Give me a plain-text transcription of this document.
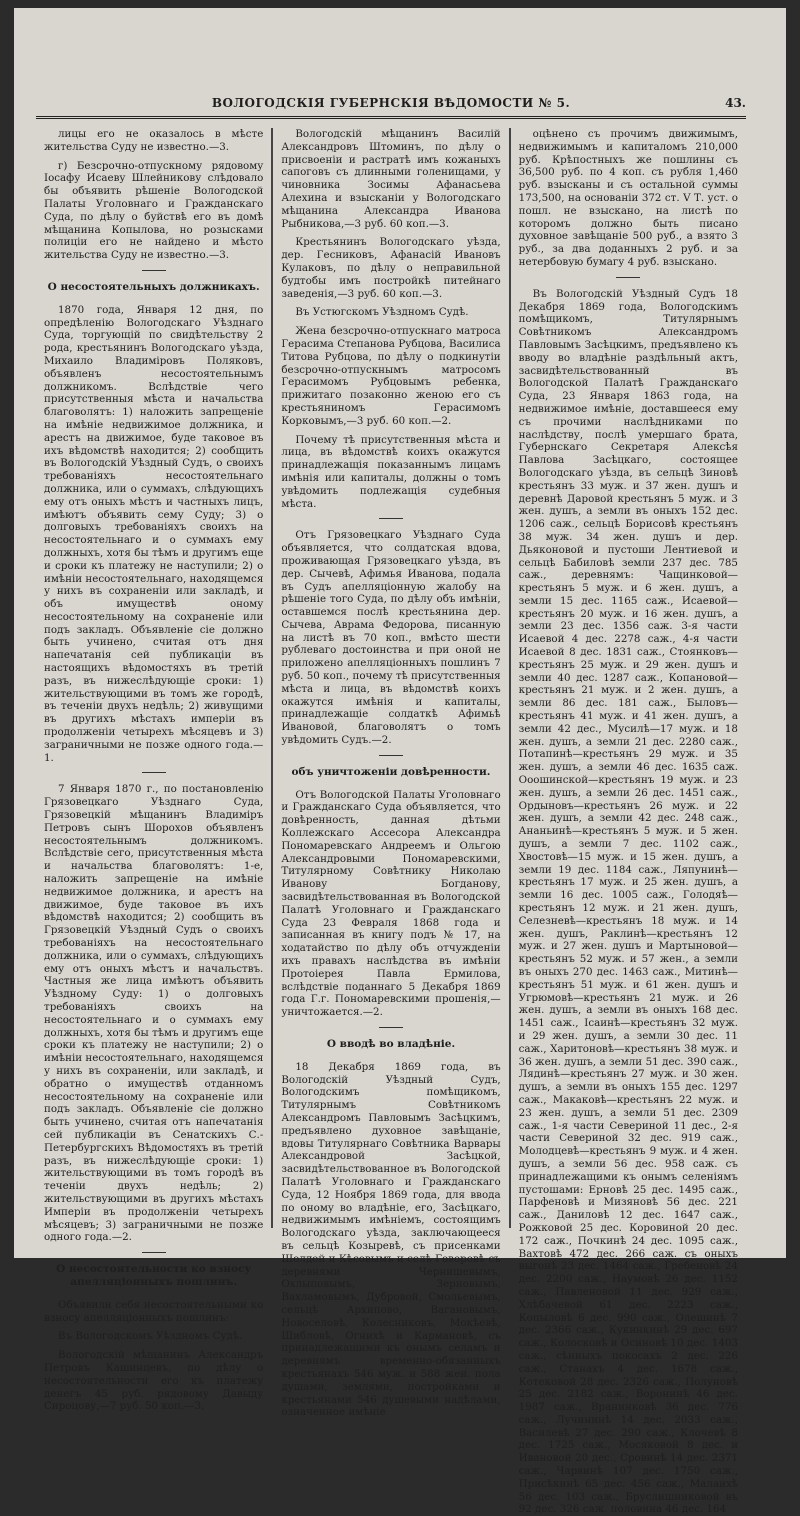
ВОЛОГОДСКІЯ ГУБЕРНСКІЯ ВѢДОМОСТИ № 5.	43.

лицы его не оказалось в мѣсте жительства Суду не известно.—3.

г) Безсрочно-отпускному рядовому Іосафу Исаеву Шлейникову слѣдовало бы объявить рѣшеніе Вологодской Палаты Уголовнаго и Гражданскаго Суда, по дѣлу о буйствѣ его въ домѣ мѣщанина Копылова, но розысками полиціи его не найдено и мѣсто жительства Суду не известно.—3.

О несостоятельныхъ должникахъ.

1870 года, Января 12 дня, по опредѣленію Вологодскаго Уѣзднаго Суда, торгующій по свидѣтельству 2 рода, крестьянинъ Вологодскаго уѣзда, Михаило Владиміровъ Поляковъ, объявленъ несостоятельнымъ должникомъ. Вслѣдствіе чего присутственныя мѣста и начальства благоволятъ: 1) наложить запрещеніе на имѣніе недвижимое должника, и арестъ на движимое, буде таковое въ ихъ вѣдомствѣ находится; 2) сообщить въ Вологодскій Уѣздный Судъ, о своихъ требованіяхъ несостоятельнаго должника, или о суммахъ, слѣдующихъ ему отъ оныхъ мѣстъ и частныхъ лицъ, имѣютъ объявить сему Суду; 3) о долговыхъ требованіяхъ своихъ на несостоятельнаго и о суммахъ ему должныхъ, хотя бы тѣмъ и другимъ еще и сроки къ платежу не наступили; 2) о имѣніи несостоятельнаго, находящемся у нихъ въ сохраненіи или закладѣ, и объ имуществѣ оному несостоятельному на сохраненіе или подъ закладъ. Объявленіе сіе должно быть учинено, считая отъ дня напечатанія сей публикаціи въ настоящихъ вѣдомостяхъ въ третій разъ, въ нижеслѣдующіе сроки: 1) жительствующими въ томъ же городѣ, въ теченіи двухъ недѣль; 2) живущими въ другихъ мѣстахъ имперіи въ продолженіи четырехъ мѣсяцевъ и 3) заграничными не позже одного года.—1.

7 Января 1870 г., по постановленію Грязовецкаго Уѣзднаго Суда, Грязовецкій мѣщанинъ Владиміръ Петровъ сынъ Шорохов объявленъ несостоятельнымъ должникомъ. Вслѣдствіе сего, присутственныя мѣста и начальства благоволятъ: 1-е, наложить запрещеніе на имѣніе недвижимое должника, и арестъ на движимое, буде таковое въ ихъ вѣдомствѣ находится; 2) сообщить въ Грязовецкій Уѣздный Судъ о своихъ требованіяхъ на несостоятельнаго должника, или о суммахъ, слѣдующихъ ему отъ оныхъ мѣстъ и начальствъ. Частныя же лица имѣютъ объявить Уѣздному Суду: 1) о долговыхъ требованіяхъ своихъ на несостоятельнаго и о суммахъ ему должныхъ, хотя бы тѣмъ и другимъ еще сроки къ платежу не наступили; 2) о имѣніи несостоятельнаго, находящемся у нихъ въ сохраненіи, или закладѣ, и обратно о имуществѣ отданномъ несостоятельному на сохраненіе или подъ закладъ. Объявленіе сіе должно быть учинено, считая отъ напечатанія сей публикаціи въ Сенатскихъ С.-Петербургскихъ Вѣдомостяхъ въ третій разъ, въ нижеслѣдующіе сроки: 1) жительствующими въ томъ городѣ въ теченіи двухъ недѣль; 2) жительствующими въ другихъ мѣстахъ Имперіи въ продолженіи четырехъ мѣсяцевъ; 3) заграничными не позже одного года.—2.

О несостоятельности ко взносу апелляціонныхъ пошлинъ.

Объявили себя несостоятельными ко взносу апелляціонныхъ пошлинъ:

Въ Вологодскомъ Уѣздномъ Судѣ.

Вологодскій мѣщанинъ Александръ Петровъ Кашинцевъ, по дѣлу о несостоятельности его къ платежу денегъ 45 руб. рядовому Давыду Сироцову,—7 руб. 50 коп.—3.

Вологодскій мѣщанинъ Василій Александровъ Штоминъ, по дѣлу о присвоеніи и растратѣ имъ кожаныхъ сапоговъ съ длинными голенищами, у чиновника Зосимы Афанасьева Алехина и взысканіи у Вологодскаго мѣщанина Александра Иванова Рыбникова,—3 руб. 60 коп.—3.

Крестьянинъ Вологодскаго уѣзда, дер. Гесниковъ, Афанасій Ивановъ Кулаковъ, по дѣлу о неправильной будтобы имъ постройкѣ питейнаго заведенія,—3 руб. 60 коп.—3.

Въ Устюгскомъ Уѣздномъ Судѣ.

Жена безсрочно-отпускнаго матроса Герасима Степанова Рубцова, Василиса Титова Рубцова, по дѣлу о подкинутіи безсрочно-отпускнымъ матросомъ Герасимомъ Рубцовымъ ребенка, прижитаго позаконно женою его съ крестьяниномъ Герасимомъ Корковымъ,—3 руб. 60 коп.—2.

Почему тѣ присутственныя мѣста и лица, въ вѣдомствѣ коихъ окажутся принадлежащія показаннымъ лицамъ имѣнія или капиталы, должны о томъ увѣдомить подлежащія судебныя мѣста.

Отъ Грязовецкаго Уѣзднаго Суда объявляется, что солдатская вдова, проживающая Грязовецкаго уѣзда, въ дер. Сычевѣ, Афимья Иванова, подала въ Судъ апелляціонную жалобу на рѣшеніе того Суда, по дѣлу объ имѣніи, оставшемся послѣ крестьянина дер. Сычева, Аврама Федорова, писанную на листѣ въ 70 коп., вмѣсто шести рублеваго достоинства и при оной не приложено апелляціонныхъ пошлинъ 7 руб. 50 коп., почему тѣ присутственныя мѣста и лица, въ вѣдомствѣ коихъ окажутся имѣнія и капиталы, принадлежащіе солдаткѣ Афимьѣ Ивановой, благоволятъ о томъ увѣдомить Судъ.—2.

объ уничтоженіи довѣренности.

Отъ Вологодской Палаты Уголовнаго и Гражданскаго Суда объявляется, что довѣренность, данная дѣтьми Коллежскаго Ассесора Александра Пономаревскаго Андреемъ и Ольгою Александровыми Пономаревскими, Титулярному Совѣтнику Николаю Иванову Богданову, засвидѣтельствованная въ Вологодской Палатѣ Уголовнаго и Гражданскаго Суда 23 Февраля 1868 года и записанная въ книгу подъ № 17, на ходатайство по дѣлу объ отчужденіи ихъ правахъ наслѣдства въ имѣніи Протоіерея Павла Ермилова, вслѣдствіе поданнаго 5 Декабря 1869 года Г.г. Пономаревскими прошенія,—уничтожается.—2.

О вводѣ во владѣніе.

18 Декабря 1869 года, въ Вологодскій Уѣздный Судъ, Вологодскимъ помѣщикомъ, Титулярнымъ Совѣтникомъ Александромъ Павловымъ Засѣцкимъ, предъявлено духовное завѣщаніе, вдовы Титулярнаго Совѣтника Варвары Александровой Засѣцкой, засвидѣтельствованное въ Вологодской Палатѣ Уголовнаго и Гражданскаго Суда, 12 Ноября 1869 года, для ввода по оному во владѣніе, его, Засѣцкаго, недвижимымъ имѣніемъ, состоящимъ Вологодскаго уѣзда, заключающееся въ сельцѣ Козыревѣ, съ присенками Шолдой и Кѣсовымъ и селѣ Говоровѣ съ деревнями Чернишевымъ, Охлыповымъ, Зерновымъ, Вахламовымъ, Дубровой, Смольевымъ, сельцѣ Архипово, Вагановымъ, Новоселовѣ, Колесниковъ, Мокѣевѣ, Шибловѣ, Огнихѣ и Кармановѣ, съ принадлежащими къ онымъ селамъ и деревнямъ временно-обязанныхъ крестьянахъ 546 муж. и 588 жен. пола душами, землями, постройками и крестьянами 546 душевыми надѣлами, означенное имѣніе

оцѣнено съ прочимъ движимымъ, недвижимымъ и капиталомъ 210,000 руб. Крѣпостныхъ же пошлины съ 36,500 руб. по 4 коп. съ рубля 1,460 руб. взысканы и съ остальной суммы 173,500, на основаніи 372 ст. V Т. уст. о пошл. не взыскано, на листѣ по которомъ должно быть писано духовное завѣщаніе 500 руб., а взято 3 руб., за два доданныхъ 2 руб. и за нетербовую бумагу 4 руб. взыскано.

Въ Вологодскій Уѣздный Судъ 18 Декабря 1869 года, Вологодскимъ помѣщикомъ, Титулярнымъ Совѣтникомъ Александромъ Павловымъ Засѣцкимъ, предъявлено къ вводу во владѣніе раздѣльный актъ, засвидѣтельствованный въ Вологодской Палатѣ Гражданскаго Суда, 23 Января 1863 года, на недвижимое имѣніе, доставшееся ему съ прочими наслѣдниками по наслѣдству, послѣ умершаго брата, Губернскаго Секретаря Алексѣя Павлова Засѣцкаго, состоящее Вологодскаго уѣзда, въ сельцѣ Зиновѣ крестьянъ 33 муж. и 37 жен. душъ и деревнѣ Даровой крестьянъ 5 муж. и 3 жен. душъ, а земли въ оныхъ 152 дес. 1206 саж., сельцѣ Борисовѣ крестьянъ 38 муж. 34 жен. душъ и дер. Дьяконовой и пустоши Лентиевой и сельцѣ Бабиловѣ земли 237 дес. 785 саж., деревнямъ: Чащинковой—крестьянъ 5 муж. и 6 жен. душъ, а земли 15 дес. 1165 саж., Исаевой—крестьянъ 20 муж. и 16 жен. душъ, а земли 23 дес. 1356 саж. 3-я части Исаевой 4 дес. 2278 саж., 4-я части Исаевой 8 дес. 1831 саж., Стоянковъ—крестьянъ 25 муж. и 29 жен. душъ и земли 40 дес. 1287 саж., Копановой—крестьянъ 21 муж. и 2 жен. душъ, а земли 86 дес. 181 саж., Быловъ—крестьянъ 41 муж. и 41 жен. душъ, а земли 42 дес., Мусилѣ—17 муж. и 18 жен. душъ, а земли 21 дес. 2280 саж., Потапинѣ—крестьянъ 29 муж. и 35 жен. душъ, а земли 46 дес. 1635 саж. Ооошинской—крестьянъ 19 муж. и 23 жен. душъ, а земли 26 дес. 1451 саж., Ордыновъ—крестьянъ 26 муж. и 22 жен. душъ, а земли 42 дес. 248 саж., Ананьинѣ—крестьянъ 5 муж. и 5 жен. душъ, а земли 7 дес. 1102 саж., Хвостовѣ—15 муж. и 15 жен. душъ, а земли 19 дес. 1184 саж., Ляпунинѣ—крестьянъ 17 муж. и 25 жен. душъ, а земли 16 дес. 1005 саж., Голодяѣ—крестьянъ 12 муж. и 21 жен. душъ, Селезневѣ—крестьянъ 18 муж. и 14 жен. душъ, Раклинѣ—крестьянъ 12 муж. и 27 жен. душъ и Мартыновой—крестьянъ 52 муж. и 57 жен., а земли въ оныхъ 270 дес. 1463 саж., Митинѣ—крестьянъ 51 муж. и 61 жен. душъ и Угрюмовѣ—крестьянъ 21 муж. и 26 жен. душъ, а земли въ оныхъ 168 дес. 1451 саж., Ісаинѣ—крестьянъ 32 муж. и 29 жен. душъ, а земли 30 дес. 11 саж., Харитоновѣ—крестьянъ 38 муж. и 36 жен. душъ, а земли 51 дес. 390 саж., Лядинѣ—крестьянъ 27 муж. и 30 жен. душъ, а земли въ оныхъ 155 дес. 1297 саж., Макаковѣ—крестьянъ 22 муж. и 23 жен. душъ, а земли 51 дес. 2309 саж., 1-я части Севериной 11 дес., 2-я части Севериной 32 дес. 919 саж., Молодцевѣ—крестьянъ 9 муж. и 4 жен. душъ, а земли 56 дес. 958 саж. съ принадлежащими къ онымъ селеніямъ пустошами: Ерновѣ 25 дес. 1495 саж., Парфеновѣ и Мизяновѣ 56 дес. 221 саж., Даниловѣ 12 дес. 1647 саж., Рожковой 25 дес. Коровиной 20 дес. 172 саж., Почкинѣ 24 дес. 1095 саж., Вахтовѣ 472 дес. 266 саж. съ оныхъ выгонѣ 23 дес. 1464 саж., Гребеновѣ 24 дес. 2200 саж., Наумовѣ 26 дес. 1152 саж., Павленовой 11 дес. 929 саж., Хлѣбачевой 61 дес. 2223 саж., Копыловѣ 6 дес. 990 саж., Олешинѣ 7 дес. 2366 саж., Кукинкинѣ 29 дес. 697 саж., Колосковѣ и Осиновѣ 10 дес. 1403 саж., сѣнныхъ покосахъ 2 дес. 226 саж., Станахъ 4 дес. 1678 саж., Котековой 28 дес. 2326 саж., Полуновѣ 25 дес. 2182 саж., Воронинѣ 46 дес. 1987 саж., Вранинковѣ 36 дес. 776 саж., Лучининѣ 14 дес. 2033 саж., Василевѣ 27 дес. 290 саж., Клочевѣ 8 дес. 1725 саж., Мосяковой 8 дес. и Ивановой 20 дес., Сровинѣ 14 дес. 2371 саж., Чарвинѣ 107 дес. 1750 саж., Присѣкинѣ 65 дес. 456 саж., Малаихѣ 56 дес. 103 саж., Бруслишниковой въ 92 дес. 326 саж. половина 46 дес. 164
